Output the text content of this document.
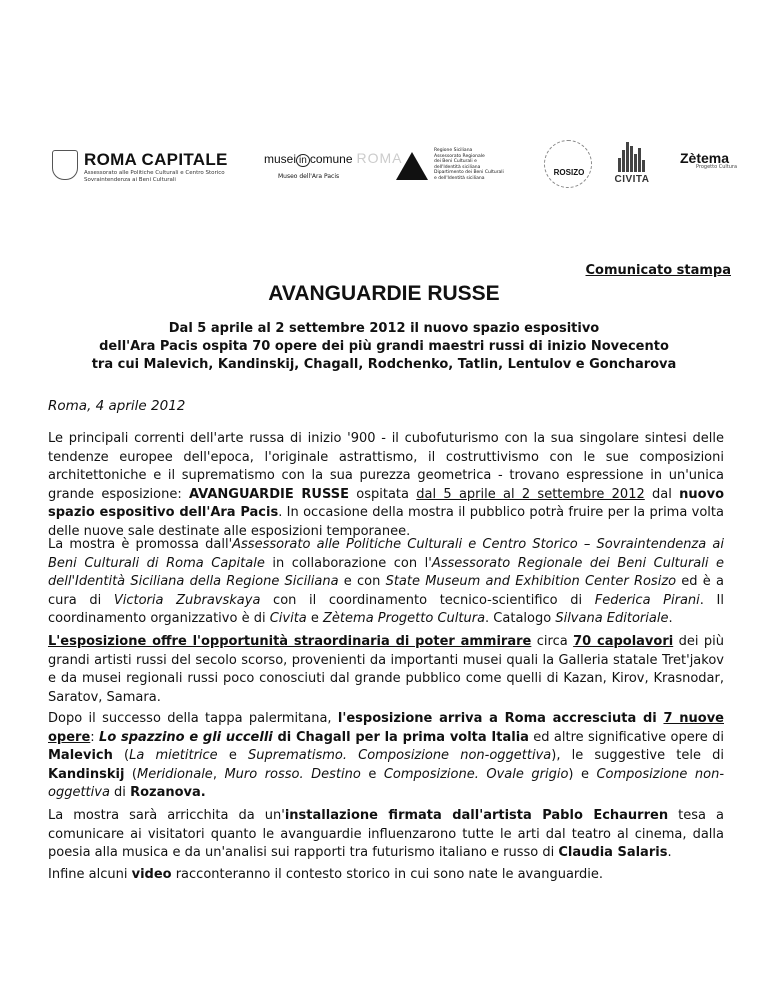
ROMA CAPITALE
Assessorato alle Politiche Culturali e Centro Storico
Sovraintendenza ai Beni Culturali
musei in comune ROMA
Museo dell'Ara Pacis
Regione Siciliana
Assessorato Regionale
dei Beni Culturali e
dell'Identità siciliana
Dipartimento dei Beni Culturali
e dell'Identità siciliana
ROSIZO
CIVITA
Zètema
Progetto Cultura
Comunicato stampa
AVANGUARDIE RUSSE
Dal 5 aprile al 2 settembre 2012 il nuovo spazio espositivo
dell'Ara Pacis ospita 70 opere dei più grandi maestri russi di inizio Novecento
tra cui Malevich, Kandinskij, Chagall, Rodchenko, Tatlin, Lentulov e Goncharova
Roma, 4 aprile 2012
Le principali correnti dell'arte russa di inizio '900 - il cubofuturismo con la sua singolare sintesi delle tendenze europee dell'epoca, l'originale astrattismo, il costruttivismo con le sue composizioni architettoniche e il suprematismo con la sua purezza geometrica - trovano espressione in un'unica grande esposizione: AVANGUARDIE RUSSE ospitata dal 5 aprile al 2 settembre 2012 dal nuovo spazio espositivo dell'Ara Pacis. In occasione della mostra il pubblico potrà fruire per la prima volta delle nuove sale destinate alle esposizioni temporanee.
La mostra è promossa dall'Assessorato alle Politiche Culturali e Centro Storico – Sovraintendenza ai Beni Culturali di Roma Capitale in collaborazione con l'Assessorato Regionale dei Beni Culturali e dell'Identità Siciliana della Regione Siciliana e con State Museum and Exhibition Center Rosizo ed è a cura di Victoria Zubravskaya con il coordinamento tecnico-scientifico di Federica Pirani. Il coordinamento organizzativo è di Civita e Zètema Progetto Cultura. Catalogo Silvana Editoriale.
L'esposizione offre l'opportunità straordinaria di poter ammirare circa 70 capolavori dei più grandi artisti russi del secolo scorso, provenienti da importanti musei quali la Galleria statale Tret'jakov e da musei regionali russi poco conosciuti dal grande pubblico come quelli di Kazan, Kirov, Krasnodar, Saratov, Samara.
Dopo il successo della tappa palermitana, l'esposizione arriva a Roma accresciuta di 7 nuove opere: Lo spazzino e gli uccelli di Chagall per la prima volta Italia ed altre significative opere di Malevich (La mietitrice e Suprematismo. Composizione non-oggettiva), le suggestive tele di Kandinskij (Meridionale, Muro rosso. Destino e Composizione. Ovale grigio) e Composizione non-oggettiva di Rozanova.
La mostra sarà arricchita da un'installazione firmata dall'artista Pablo Echaurren tesa a comunicare ai visitatori quanto le avanguardie influenzarono tutte le arti dal teatro al cinema, dalla poesia alla musica e da un'analisi sui rapporti tra futurismo italiano e russo di Claudia Salaris.
Infine alcuni video racconteranno il contesto storico in cui sono nate le avanguardie.
